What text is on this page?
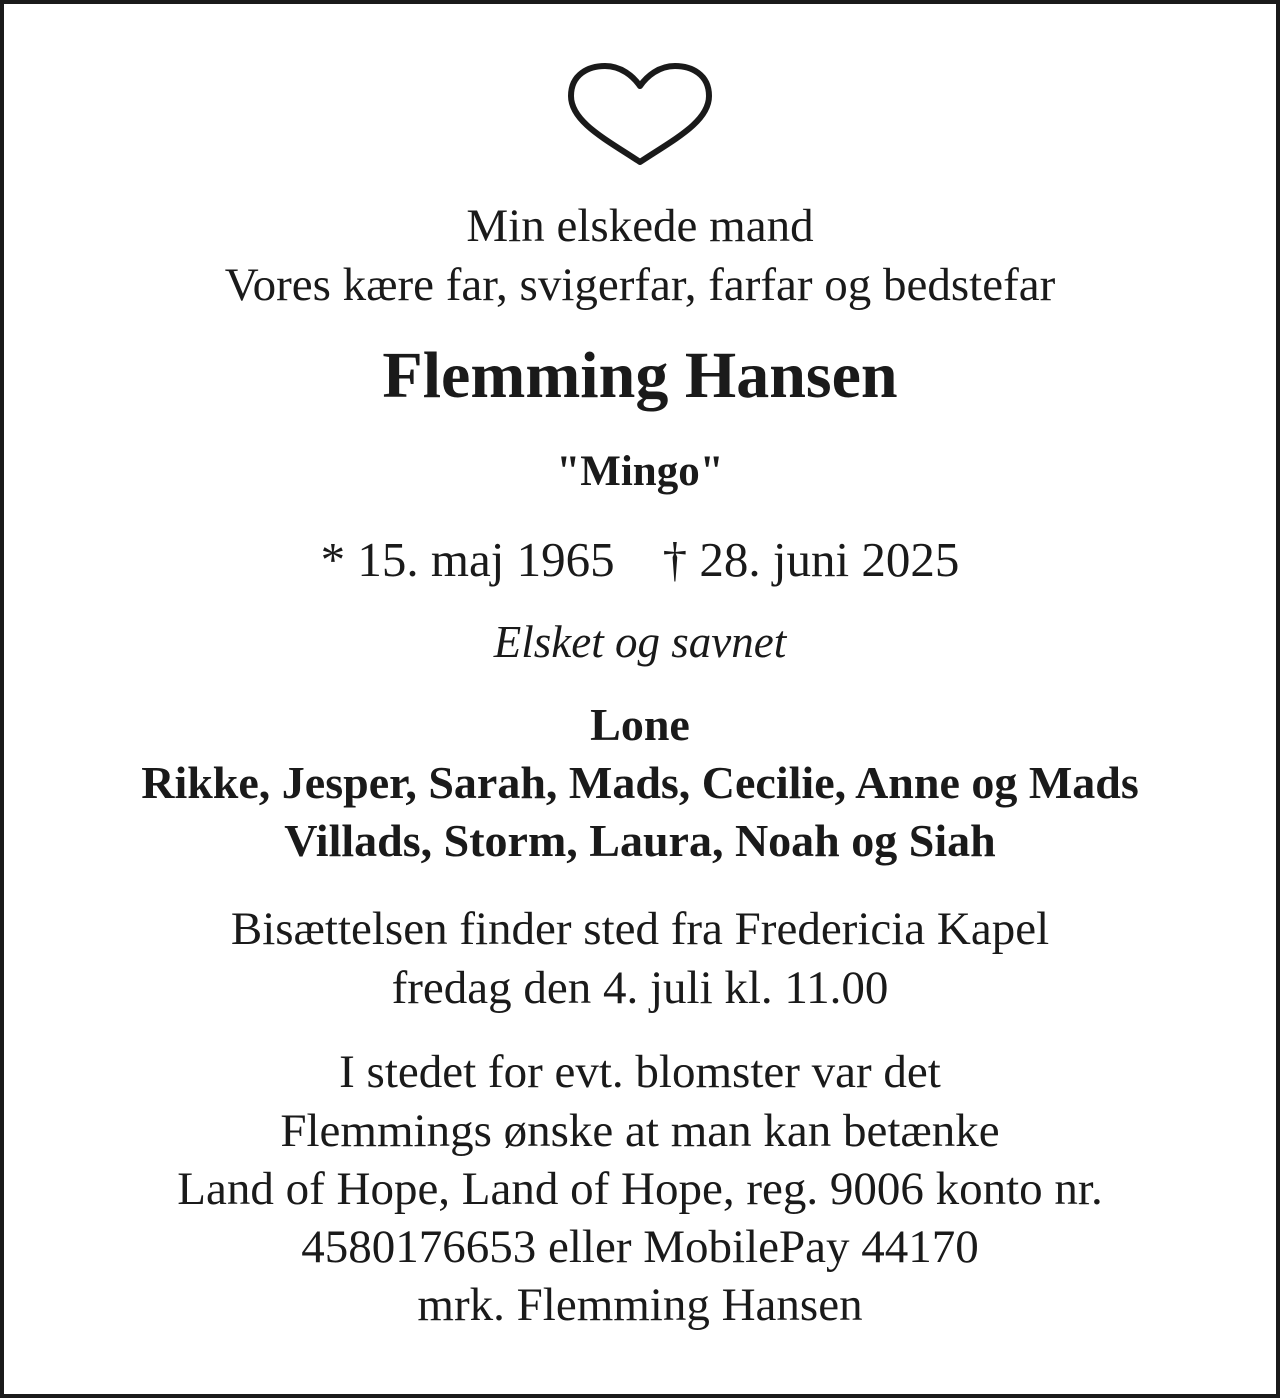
Min elskede mand
Vores kære far, svigerfar, farfar og bedstefar
Flemming Hansen
"Mingo"
* 15. maj 1965 † 28. juni 2025
Elsket og savnet
Lone
Rikke, Jesper, Sarah, Mads, Cecilie, Anne og Mads
Villads, Storm, Laura, Noah og Siah
Bisættelsen finder sted fra Fredericia Kapel
fredag den 4. juli kl. 11.00
I stedet for evt. blomster var det
Flemmings ønske at man kan betænke
Land of Hope, Land of Hope, reg. 9006 konto nr.
4580176653 eller MobilePay 44170
mrk. Flemming Hansen
